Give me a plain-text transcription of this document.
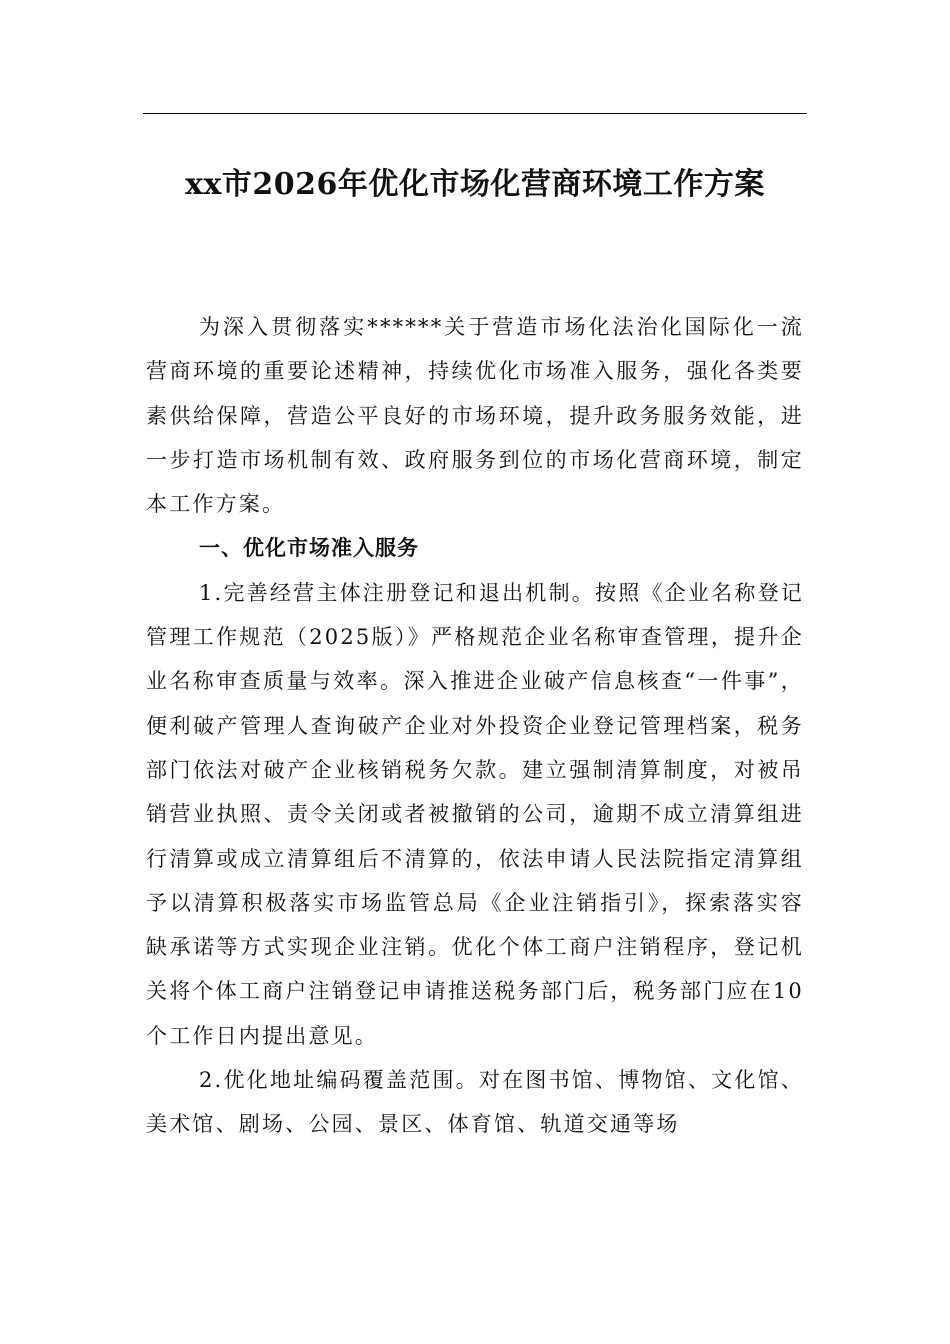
xx市2026年优化市场化营商环境工作方案

为深入贯彻落实******关于营造市场化法治化国际化一流营商环境的重要论述精神，持续优化市场准入服务，强化各类要素供给保障，营造公平良好的市场环境，提升政务服务效能，进一步打造市场机制有效、政府服务到位的市场化营商环境，制定本工作方案。

一、优化市场准入服务

1.完善经营主体注册登记和退出机制。按照《企业名称登记管理工作规范（2025版）》严格规范企业名称审查管理，提升企业名称审查质量与效率。深入推进企业破产信息核查“一件事”，便利破产管理人查询破产企业对外投资企业登记管理档案，税务部门依法对破产企业核销税务欠款。建立强制清算制度，对被吊销营业执照、责令关闭或者被撤销的公司，逾期不成立清算组进行清算或成立清算组后不清算的，依法申请人民法院指定清算组予以清算积极落实市场监管总局《企业注销指引》，探索落实容缺承诺等方式实现企业注销。优化个体工商户注销程序，登记机关将个体工商户注销登记申请推送税务部门后，税务部门应在10个工作日内提出意见。

2.优化地址编码覆盖范围。对在图书馆、博物馆、文化馆、美术馆、剧场、公园、景区、体育馆、轨道交通等场
